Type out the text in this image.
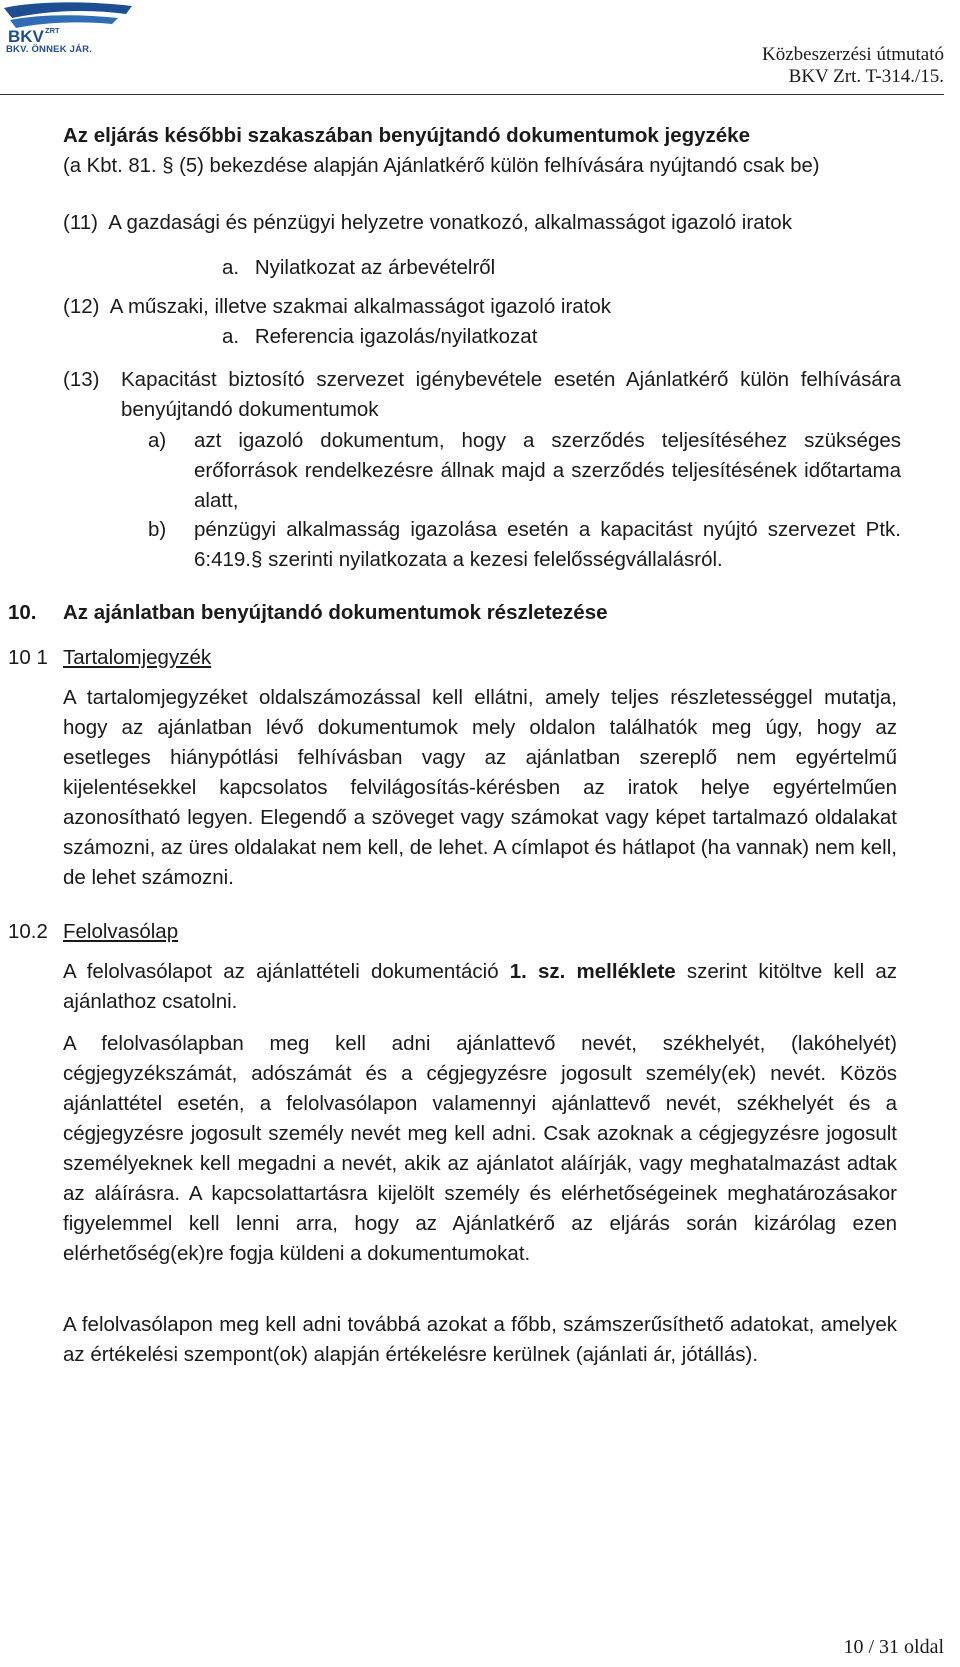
BKV ZRT
BKV. ÖNNEK JÁR.	Közbeszerzési útmutató
BKV Zrt. T-314./15.
Az eljárás későbbi szakaszában benyújtandó dokumentumok jegyzéke
(a Kbt. 81. § (5) bekezdése alapján Ajánlatkérő külön felhívására nyújtandó csak be)
(11) A gazdasági és pénzügyi helyzetre vonatkozó, alkalmasságot igazoló iratok
a. Nyilatkozat az árbevételről
(12) A műszaki, illetve szakmai alkalmasságot igazoló iratok
a. Referencia igazolás/nyilatkozat
(13)	Kapacitást biztosító szervezet igénybevétele esetén Ajánlatkérő külön felhívására benyújtandó dokumentumok
a)	azt igazoló dokumentum, hogy a szerződés teljesítéséhez szükséges erőforrások rendelkezésre állnak majd a szerződés teljesítésének időtartama alatt,
b)	pénzügyi alkalmasság igazolása esetén a kapacitást nyújtó szervezet Ptk. 6:419.§ szerinti nyilatkozata a kezesi felelősségvállalásról.
10. Az ajánlatban benyújtandó dokumentumok részletezése
10 1 Tartalomjegyzék
A tartalomjegyzéket oldalszámozással kell ellátni, amely teljes részletességgel mutatja, hogy az ajánlatban lévő dokumentumok mely oldalon találhatók meg úgy, hogy az esetleges hiánypótlási felhívásban vagy az ajánlatban szereplő nem egyértelmű kijelentésekkel kapcsolatos felvilágosítás-kérésben az iratok helye egyértelműen azonosítható legyen. Elegendő a szöveget vagy számokat vagy képet tartalmazó oldalakat számozni, az üres oldalakat nem kell, de lehet. A címlapot és hátlapot (ha vannak) nem kell, de lehet számozni.
10.2 Felolvasólap
A felolvasólapot az ajánlattételi dokumentáció 1. sz. melléklete szerint kitöltve kell az ajánlathoz csatolni.
A felolvasólapban meg kell adni ajánlattevő nevét, székhelyét, (lakóhelyét) cégjegyzékszámát, adószámát és a cégjegyzésre jogosult személy(ek) nevét. Közös ajánlattétel esetén, a felolvasólapon valamennyi ajánlattevő nevét, székhelyét és a cégjegyzésre jogosult személy nevét meg kell adni. Csak azoknak a cégjegyzésre jogosult személyeknek kell megadni a nevét, akik az ajánlatot aláírják, vagy meghatalmazást adtak az aláírásra. A kapcsolattartásra kijelölt személy és elérhetőségeinek meghatározásakor figyelemmel kell lenni arra, hogy az Ajánlatkérő az eljárás során kizárólag ezen elérhetőség(ek)re fogja küldeni a dokumentumokat.
A felolvasólapon meg kell adni továbbá azokat a főbb, számszerűsíthető adatokat, amelyek az értékelési szempont(ok) alapján értékelésre kerülnek (ajánlati ár, jótállás).
10 / 31 oldal
